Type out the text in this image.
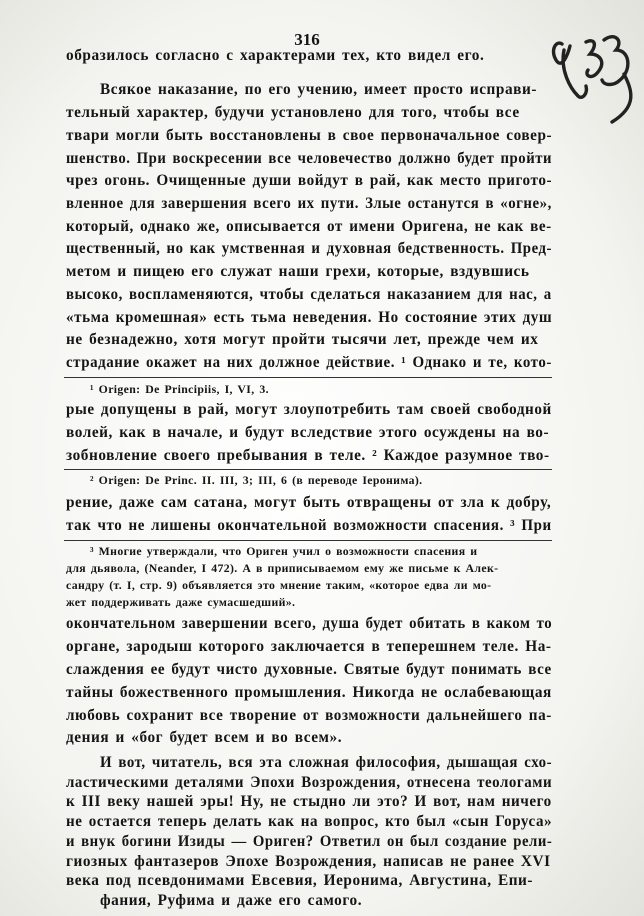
316
образилось согласно с характерами тех, кто видел его.
Всякое наказание, по его учению, имеет просто исправи-
тельный характер, будучи установлено для того, чтобы все
твари могли быть восстановлены в свое первоначальное совер-
шенство. При воскресении все человечество должно будет пройти
чрез огонь. Очищенные души войдут в рай, как место пригото-
вленное для завершения всего их пути. Злые останутся в «огне»,
который, однако же, описывается от имени Оригена, не как ве-
щественный, но как умственная и духовная бедственность. Пред-
метом и пищею его служат наши грехи, которые, вздувшись
высоко, воспламеняются, чтобы сделаться наказанием для нас, а
«тьма кромешная» есть тьма неведения. Но состояние этих душ
не безнадежно, хотя могут пройти тысячи лет, прежде чем их
страдание окажет на них должное действие. ¹ Однако и те, кото-
¹ Origen: De Principiis, I, VI, 3.
рые допущены в рай, могут злоупотребить там своей свободной
волей, как в начале, и будут вследствие этого осуждены на во-
зобновление своего пребывания в теле. ² Каждое разумное тво-
² Origen: De Princ. II. III, 3; III, 6 (в переводе Іеронима).
рение, даже сам сатана, могут быть отвращены от зла к добру,
так что не лишены окончательной возможности спасения. ³ При
³ Многие утверждали, что Ориген учил о возможности спасения и
для дьявола, (Neander, I 472). А в приписываемом ему же письме к Алек-
сандру (т. I, стр. 9) объявляется это мнение таким, «которое едва ли мо-
жет поддерживать даже сумасшедший».
окончательном завершении всего, душа будет обитать в каком то
органе, зародыш которого заключается в теперешнем теле. На-
слаждения ее будут чисто духовные. Святые будут понимать все
тайны божественного промышления. Никогда не ослабевающая
любовь сохранит все творение от возможности дальнейшего па-
дения и «бог будет всем и во всем».
И вот, читатель, вся эта сложная философия, дышащая схо-
ластическими деталями Эпохи Возрождения, отнесена теологами
к III веку нашей эры! Ну, не стыдно ли это? И вот, нам ничего
не остается теперь делать как на вопрос, кто был «сын Горуса»
и внук богини Изиды — Ориген? Ответил он был создание рели-
гиозных фантазеров Эпохе Возрождения, написав не ранее XVI
века под псевдонимами Евсевия, Иеронима, Августина, Епи-
фания, Руфима и даже его самого.
